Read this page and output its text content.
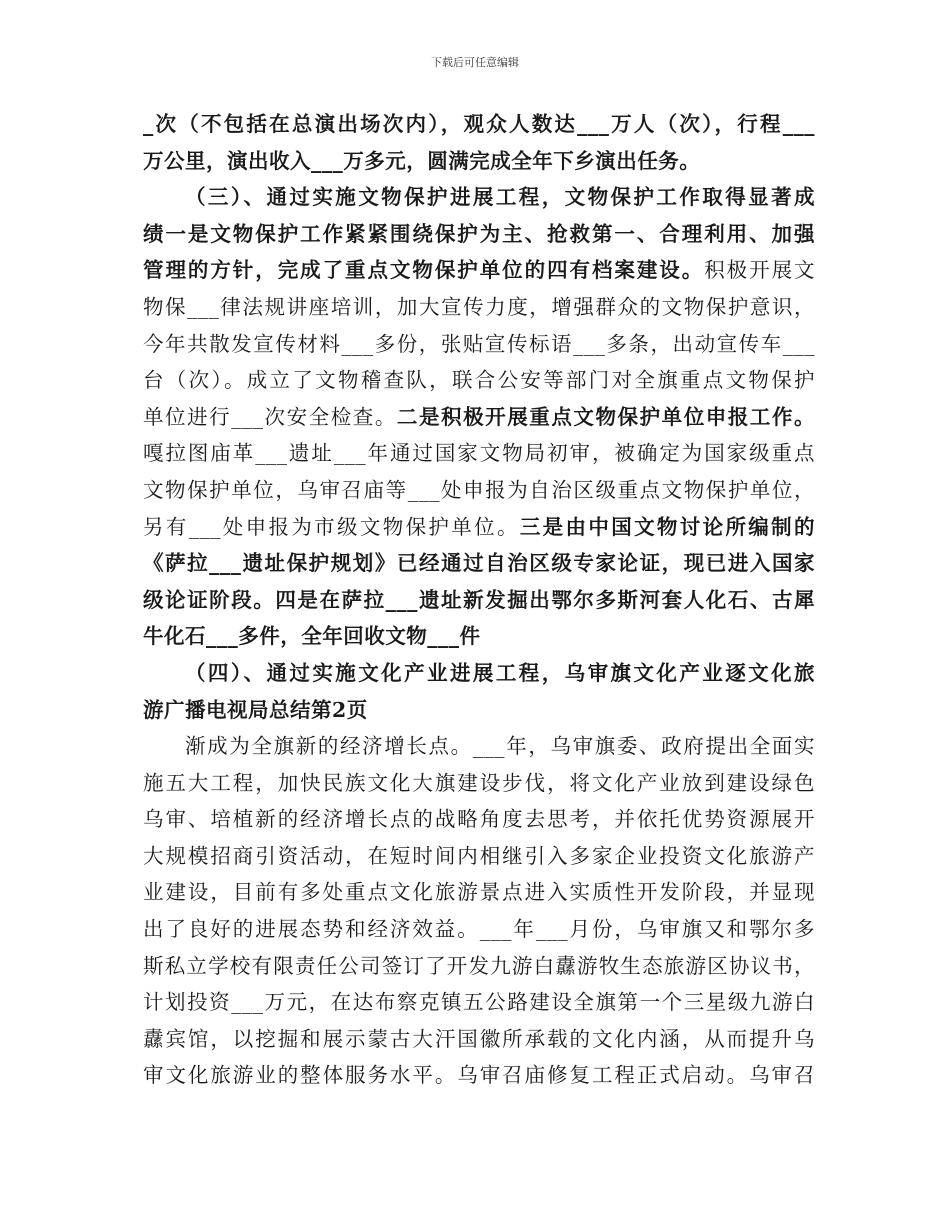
下载后可任意编辑
_次（不包括在总演出场次内），观众人数达___万人（次），行程___
万公里，演出收入___万多元，圆满完成全年下乡演出任务。
（三）、通过实施文物保护进展工程，文物保护工作取得显著成
绩一是文物保护工作紧紧围绕保护为主、抢救第一、合理利用、加强
管理的方针，完成了重点文物保护单位的四有档案建设。积极开展文
物保___律法规讲座培训，加大宣传力度，增强群众的文物保护意识，
今年共散发宣传材料___多份，张贴宣传标语___多条，出动宣传车___
台（次）。成立了文物稽查队，联合公安等部门对全旗重点文物保护
单位进行___次安全检查。二是积极开展重点文物保护单位申报工作。
嘎拉图庙革___遗址___年通过国家文物局初审，被确定为国家级重点
文物保护单位，乌审召庙等___处申报为自治区级重点文物保护单位，
另有___处申报为市级文物保护单位。三是由中国文物讨论所编制的
《萨拉___遗址保护规划》已经通过自治区级专家论证，现已进入国家
级论证阶段。四是在萨拉___遗址新发掘出鄂尔多斯河套人化石、古犀
牛化石___多件，全年回收文物___件
（四）、通过实施文化产业进展工程，乌审旗文化产业逐文化旅
游广播电视局总结第2页
渐成为全旗新的经济增长点。___年，乌审旗委、政府提出全面实
施五大工程，加快民族文化大旗建设步伐，将文化产业放到建设绿色
乌审、培植新的经济增长点的战略角度去思考，并依托优势资源展开
大规模招商引资活动，在短时间内相继引入多家企业投资文化旅游产
业建设，目前有多处重点文化旅游景点进入实质性开发阶段，并显现
出了良好的进展态势和经济效益。___年___月份，乌审旗又和鄂尔多
斯私立学校有限责任公司签订了开发九游白纛游牧生态旅游区协议书，
计划投资___万元，在达布察克镇五公路建设全旗第一个三星级九游白
纛宾馆，以挖掘和展示蒙古大汗国徽所承载的文化内涵，从而提升乌
审文化旅游业的整体服务水平。乌审召庙修复工程正式启动。乌审召
